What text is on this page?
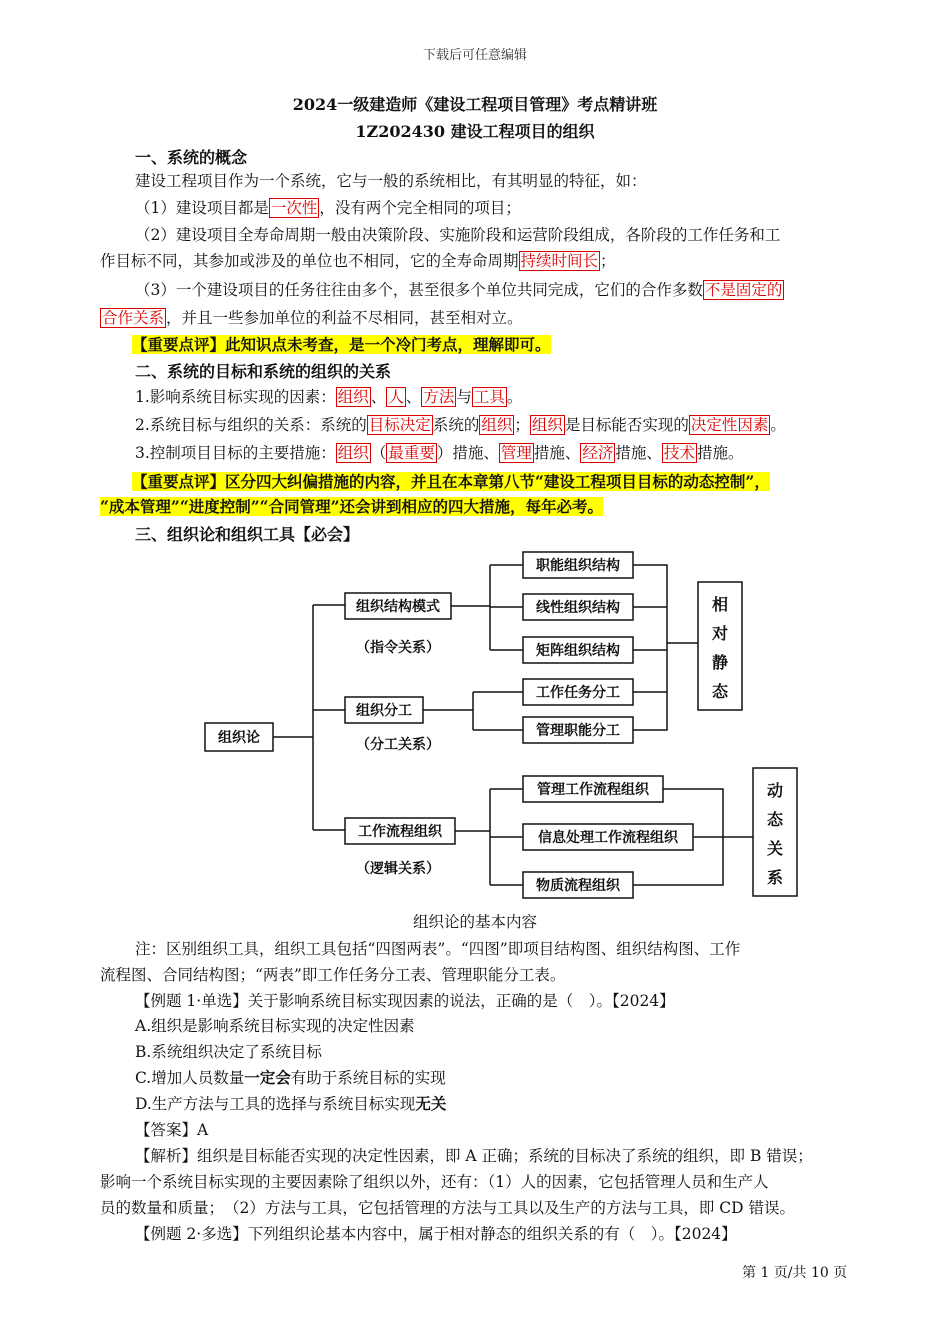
下载后可任意编辑
2024一级建造师《建设工程项目管理》考点精讲班
1Z202430 建设工程项目的组织
一、系统的概念
建设工程项目作为一个系统，它与一般的系统相比，有其明显的特征，如：
（1）建设项目都是 一次性 ，没有两个完全相同的项目；
（2）建设项目全寿命周期一般由决策阶段、实施阶段和运营阶段组成，各阶段的工作任务和工
作目标不同，其参加或涉及的单位也不相同，它的全寿命周期 持续时间长 ；
（3）一个建设项目的任务往往由多个，甚至很多个单位共同完成，它们的合作多数 不是固定的
合作关系 ，并且一些参加单位的利益不尽相同，甚至相对立。
【重要点评】此知识点未考查，是一个冷门考点，理解即可。
二、系统的目标和系统的组织的关系
1.影响系统目标实现的因素： 组织 、 人 、 方法 与 工具 。
2.系统目标与组织的关系：系统的 目标决定 系统的 组织 ； 组织 是目标能否实现的 决定性因素 。
3.控制项目目标的主要措施： 组织 （ 最重要 ）措施、 管理 措施、 经济 措施、 技术 措施。
【重要点评】区分四大纠偏措施的内容，并且在本章第八节“建设工程项目目标的动态控制”，
“成本管理”“进度控制”“合同管理”还会讲到相应的四大措施，每年必考。
三、组织论和组织工具【必会】
组织论
组织结构模式
（指令关系）
组织分工
（分工关系）
工作流程组织
（逻辑关系）
职能组织结构
线性组织结构
矩阵组织结构
工作任务分工
管理职能分工
相
对
静
态
管理工作流程组织
信息处理工作流程组织
物质流程组织
动
态
关
系
组织论的基本内容
注：区别组织工具，组织工具包括“四图两表”。“四图”即项目结构图、组织结构图、工作
流程图、合同结构图；“两表”即工作任务分工表、管理职能分工表。
【例题 1·单选】关于影响系统目标实现因素的说法，正确的是（　）。【2024】
A.组织是影响系统目标实现的决定性因素
B.系统组织决定了系统目标
C.增加人员数量一定会有助于系统目标的实现
D.生产方法与工具的选择与系统目标实现无关
【答案】A
【解析】组织是目标能否实现的决定性因素，即 A 正确；系统的目标决了系统的组织，即 B 错误；
影响一个系统目标实现的主要因素除了组织以外，还有：（1）人的因素，它包括管理人员和生产人
员的数量和质量；　（2）方法与工具，它包括管理的方法与工具以及生产的方法与工具，即 CD 错误。
【例题 2·多选】下列组织论基本内容中，属于相对静态的组织关系的有（　）。【2024】
第 1 页/共 10 页
